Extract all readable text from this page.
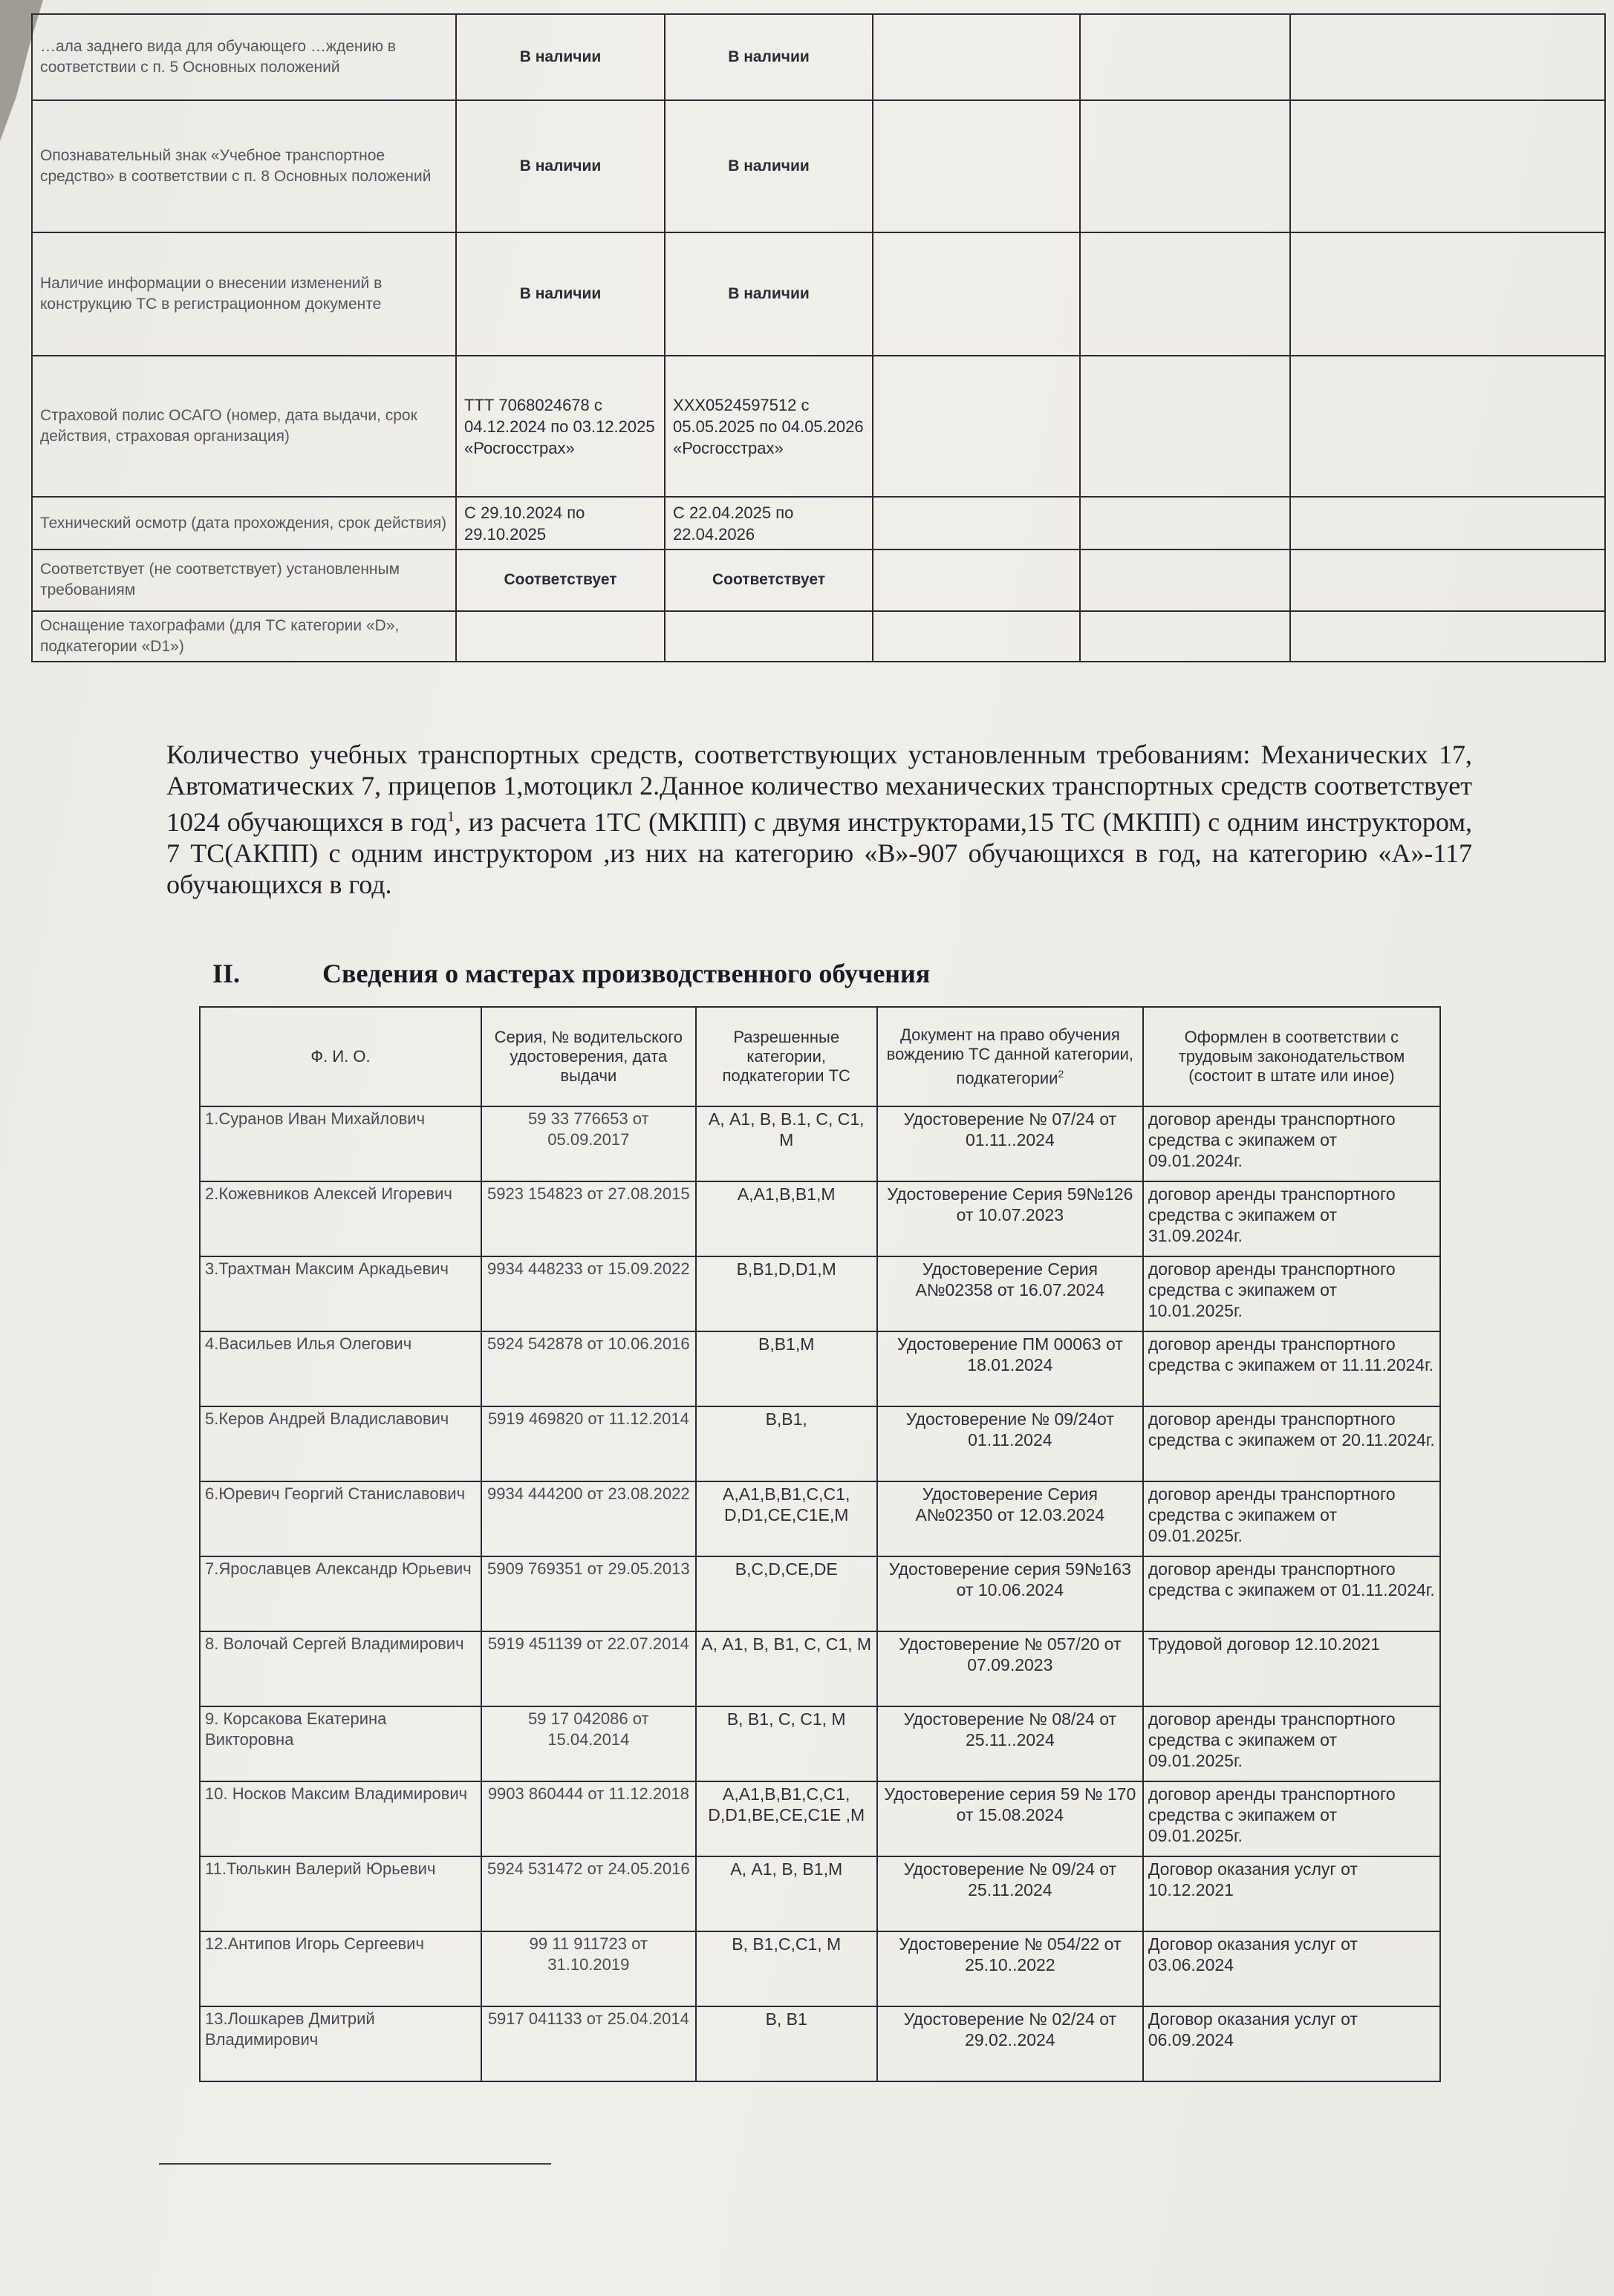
…ала заднего вида для обучающего …ждению в соответствии с п. 5 Основных положений	В наличии	В наличии			
Опознавательный знак «Учебное транспортное средство» в соответствии с п. 8 Основных положений	В наличии	В наличии			
Наличие информации о внесении изменений в конструкцию ТС в регистрационном документе	В наличии	В наличии			
Страховой полис ОСАГО (номер, дата выдачи, срок действия, страховая организация)	ТТТ 7068024678 с 04.12.2024 по 03.12.2025 «Росгосстрах»	ХХХ0524597512 с 05.05.2025 по 04.05.2026 «Росгосстрах»			
Технический осмотр (дата прохождения, срок действия)	С 29.10.2024 по 29.10.2025	С 22.04.2025 по 22.04.2026			
Соответствует (не соответствует) установленным требованиям	Соответствует	Соответствует			
Оснащение тахографами (для ТС категории «D», подкатегории «D1»)					
Количество учебных транспортных средств, соответствующих установленным требованиям: Механических 17, Автоматических 7, прицепов 1,мотоцикл 2.Данное количество механических транспортных средств соответствует 1024 обучающихся в год$^1$, из расчета 1ТС (МКПП) с двумя инструкторами,15 ТС (МКПП) с одним инструктором, 7 ТС(АКПП) с одним инструктором ,из них на категорию «В»-907 обучающихся в год, на категорию «А»-117 обучающихся в год.
II.	Сведения о мастерах производственного обучения
Ф. И. О.	Серия, № водительского удостоверения, дата выдачи	Разрешенные категории, подкатегории ТС	Документ на право обучения вождению ТС данной категории, подкатегории$^2$	Оформлен в соответствии с трудовым законодательством (состоит в штате или иное)
1.Суранов Иван Михайлович	59 33 776653 от 05.09.2017	А, А1, В, В.1, С, С1, М	Удостоверение № 07/24 от 01.11..2024	договор аренды транспортного средства с экипажем от 09.01.2024г.
2.Кожевников Алексей Игоревич	5923 154823 от 27.08.2015	А,А1,В,В1,М	Удостоверение Серия 59№126 от 10.07.2023	договор аренды транспортного средства с экипажем от 31.09.2024г.
3.Трахтман Максим Аркадьевич	9934 448233 от 15.09.2022	В,В1,D,D1,М	Удостоверение Серия А№02358 от 16.07.2024	договор аренды транспортного средства с экипажем от 10.01.2025г.
4.Васильев Илья Олегович	5924 542878 от 10.06.2016	В,В1,М	Удостоверение ПМ 00063 от 18.01.2024	договор аренды транспортного средства с экипажем от 11.11.2024г.
5.Керов Андрей Владиславович	5919 469820 от 11.12.2014	В,В1,	Удостоверение № 09/24от 01.11.2024	договор аренды транспортного средства с экипажем от 20.11.2024г.
6.Юревич Георгий Станиславович	9934 444200 от 23.08.2022	А,А1,В,В1,С,С1, D,D1,СЕ,С1Е,М	Удостоверение Серия А№02350 от 12.03.2024	договор аренды транспортного средства с экипажем от 09.01.2025г.
7.Ярославцев Александр Юрьевич	5909 769351 от 29.05.2013	В,С,D,СЕ,DЕ	Удостоверение серия 59№163 от 10.06.2024	договор аренды транспортного средства с экипажем от 01.11.2024г.
8. Волочай Сергей Владимирович	5919 451139 от 22.07.2014	А, А1, В, В1, С, С1, М	Удостоверение № 057/20 от 07.09.2023	Трудовой договор 12.10.2021
9. Корсакова Екатерина Викторовна	59 17 042086 от 15.04.2014	В, В1, С, С1, М	Удостоверение № 08/24 от 25.11..2024	договор аренды транспортного средства с экипажем от 09.01.2025г.
10. Носков Максим Владимирович	9903 860444 от 11.12.2018	А,А1,В,В1,С,С1, D,D1,ВЕ,СЕ,С1Е ,М	Удостоверение серия 59 № 170 от 15.08.2024	договор аренды транспортного средства с экипажем от 09.01.2025г.
11.Тюлькин Валерий Юрьевич	5924 531472 от 24.05.2016	А, А1, В, В1,М	Удостоверение № 09/24 от 25.11.2024	Договор оказания услуг от 10.12.2021
12.Антипов Игорь Сергеевич	99 11 911723 от 31.10.2019	В, В1,С,С1, М	Удостоверение № 054/22 от 25.10..2022	Договор оказания услуг от 03.06.2024
13.Лошкарев Дмитрий Владимирович	5917 041133 от 25.04.2014	В, В1	Удостоверение № 02/24 от 29.02..2024	Договор оказания услуг от 06.09.2024
